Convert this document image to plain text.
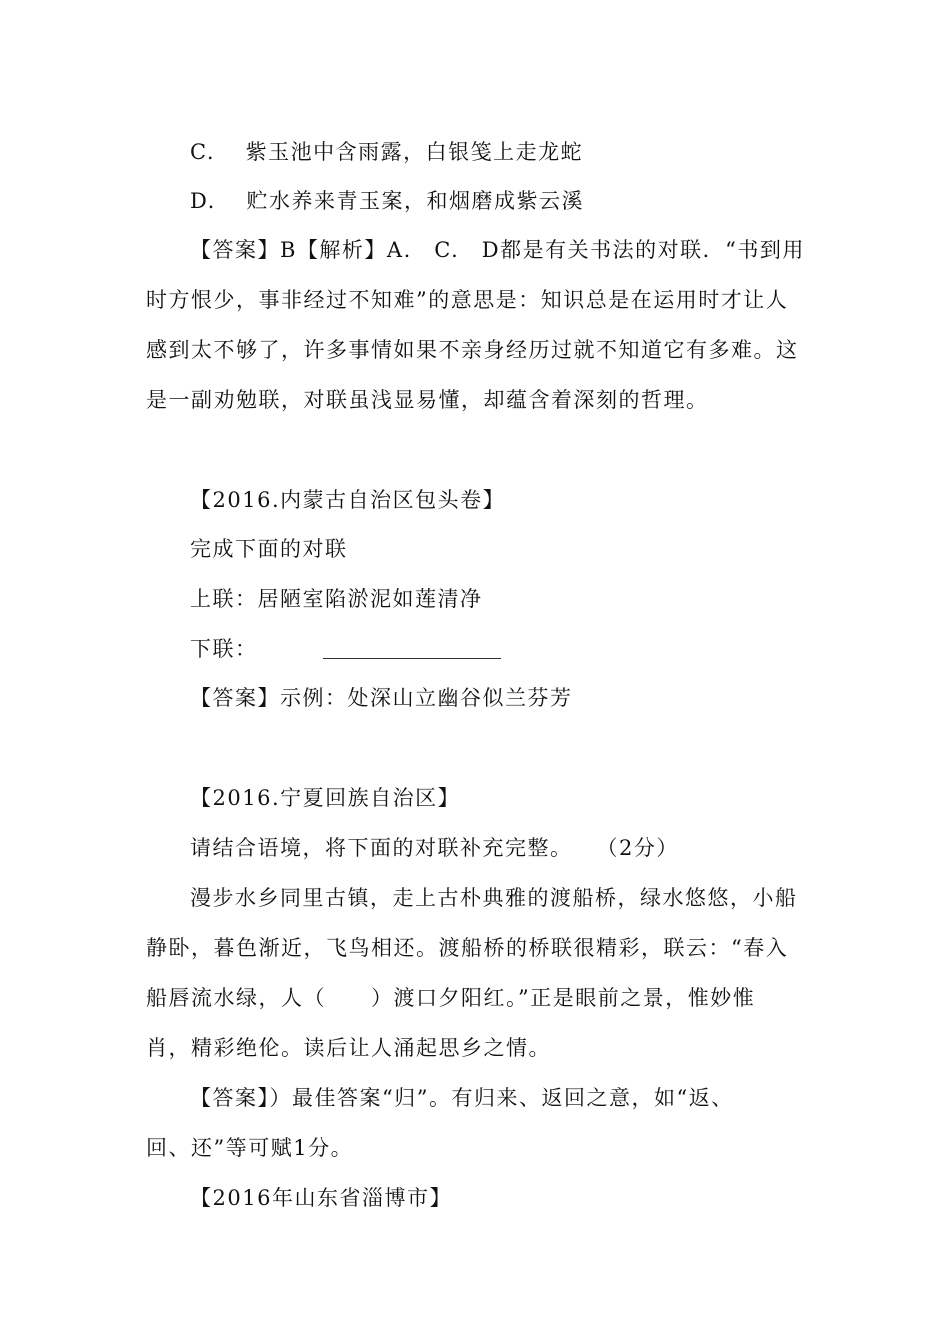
C.　 紫玉池中含雨露，白银笺上走龙蛇
D.　 贮水养来青玉案，和烟磨成紫云溪
【答案】B【解析】A.　C.　D都是有关书法的对联．“书到用
时方恨少，事非经过不知难”的意思是：知识总是在运用时才让人
感到太不够了，许多事情如果不亲身经历过就不知道它有多难。这
是一副劝勉联，对联虽浅显易懂，却蕴含着深刻的哲理。
【2016.内蒙古自治区包头卷】
完成下面的对联
上联：居陋室陷淤泥如莲清净
下联：
【答案】示例：处深山立幽谷似兰芬芳
【2016.宁夏回族自治区】
请结合语境，将下面的对联补充完整。　　（2分）
漫步水乡同里古镇，走上古朴典雅的渡船桥，绿水悠悠，小船
静卧，暮色渐近，飞鸟相还。渡船桥的桥联很精彩，联云：“春入
船唇流水绿，人（　　）渡口夕阳红。”正是眼前之景，惟妙惟
肖，精彩绝伦。读后让人涌起思乡之情。
【答案】）最佳答案“归”。有归来、返回之意，如“返、
回、还”等可赋1分。
【2016年山东省淄博市】
